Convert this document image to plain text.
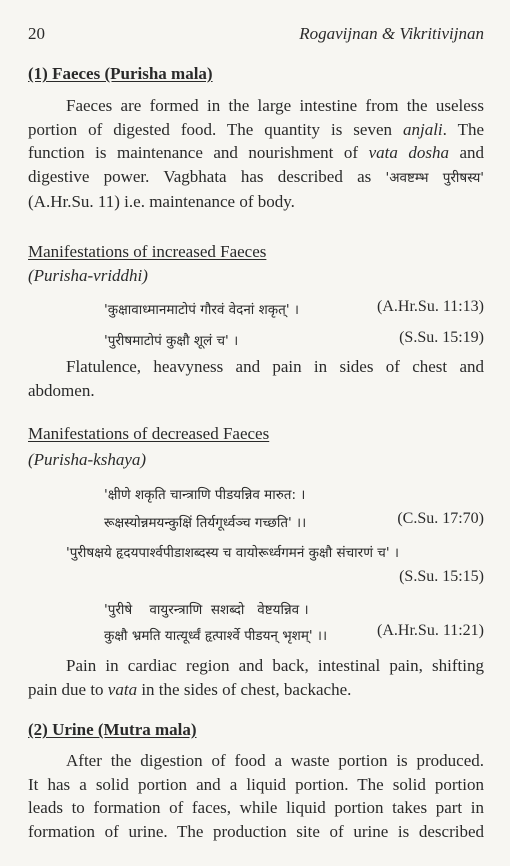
20	Rogavijnan & Vikritivijnan
(1) Faeces (Purisha mala)
Faeces are formed in the large intestine from the useless
portion of digested food. The quantity is seven anjali. The
function is maintenance and nourishment of vata dosha and
digestive power. Vagbhata has described as 'अवष्टम्भ पुरीषस्य'
(A.Hr.Su. 11) i.e. maintenance of body.
Manifestations of increased Faeces
(Purisha-vriddhi)
'कुक्षावाध्मानमाटोपं गौरवं वेदनां शकृत्' ।	(A.Hr.Su. 11:13)
'पुरीषमाटोपं कुक्षौ शूलं च' ।	(S.Su. 15:19)
Flatulence, heavyness and pain in sides of chest and
abdomen.
Manifestations of decreased Faeces
(Purisha-kshaya)
'क्षीणे शकृति चान्त्राणि पीडयन्निव मारुत: ।
रूक्षस्योन्नमयन्कुक्षिं तिर्यगूर्ध्वञ्च गच्छति' ।।	(C.Su. 17:70)
'पुरीषक्षये हृदयपार्श्वपीडाशब्दस्य च वायोरूर्ध्वगमनं कुक्षौ संचारणं च' ।
(S.Su. 15:15)
'पुरीषे    वायुरन्त्राणि  सशब्दो   वेष्टयन्निव ।
कुक्षौ भ्रमति यात्यूर्ध्वं हृत्पार्श्वे पीडयन् भृशम्' ।।	(A.Hr.Su. 11:21)
Pain in cardiac region and back, intestinal pain, shifting
pain due to vata in the sides of chest, backache.
(2) Urine (Mutra mala)
After the digestion of food a waste portion is produced.
It has a solid portion and a liquid portion. The solid portion
leads to formation of faces, while liquid portion takes part in
formation of urine. The production site of urine is described
